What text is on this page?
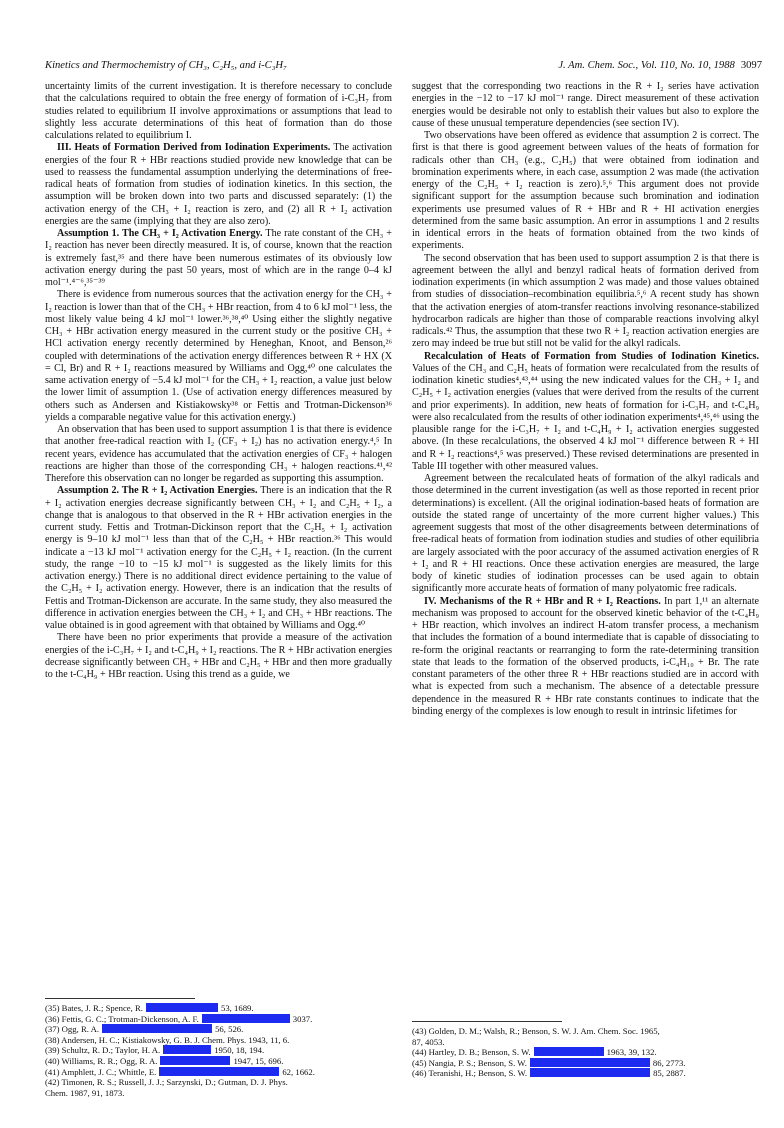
Kinetics and Thermochemistry of CH₃, C₂H₅, and i-C₃H₇	J. Am. Chem. Soc., Vol. 110, No. 10, 1988 3097

uncertainty limits of the current investigation. It is therefore necessary to conclude that the calculations required to obtain the free energy of formation of i-C₃H₇ from studies related to equilibrium II involve approximations or assumptions that lead to slightly less accurate determinations of this heat of formation than do those calculations related to equilibrium I.

III. Heats of Formation Derived from Iodination Experiments. The activation energies of the four R + HBr reactions studied provide new knowledge that can be used to reassess the fundamental assumption underlying the determinations of free-radical heats of formation from studies of iodination kinetics. In this section, the assumption will be broken down into two parts and discussed separately: (1) the activation energy of the CH₃ + I₂ reaction is zero, and (2) all R + I₂ activation energies are the same (implying that they are also zero).

Assumption 1. The CH₃ + I₂ Activation Energy. The rate constant of the CH₃ + I₂ reaction has never been directly measured. It is, of course, known that the reaction is extremely fast,³⁵ and there have been numerous estimates of its obviously low activation energy during the past 50 years, most of which are in the range 0–4 kJ mol⁻¹.⁴⁻⁶,³⁵⁻³⁹

There is evidence from numerous sources that the activation energy for the CH₃ + I₂ reaction is lower than that of the CH₃ + HBr reaction, from 4 to 6 kJ mol⁻¹ less, the most likely value being 4 kJ mol⁻¹ lower.³⁶,³⁸,⁴⁰ Using either the slightly negative CH₃ + HBr activation energy measured in the current study or the positive CH₃ + HCl activation energy recently determined by Heneghan, Knoot, and Benson,²⁶ coupled with determinations of the activation energy differences between R + HX (X = Cl, Br) and R + I₂ reactions measured by Williams and Ogg,⁴⁰ one calculates the same activation energy of −5.4 kJ mol⁻¹ for the CH₃ + I₂ reaction, a value just below the lower limit of assumption 1. (Use of activation energy differences measured by others such as Andersen and Kistiakowsky³⁸ or Fettis and Trotman-Dickenson³⁶ yields a comparable negative value for this activation energy.)

An observation that has been used to support assumption 1 is that there is evidence that another free-radical reaction with I₂ (CF₃ + I₂) has no activation energy.⁴,⁵ In recent years, evidence has accumulated that the activation energies of CF₃ + halogen reactions are higher than those of the corresponding CH₃ + halogen reactions.⁴¹,⁴² Therefore this observation can no longer be regarded as supporting this assumption.

Assumption 2. The R + I₂ Activation Energies. There is an indication that the R + I₂ activation energies decrease significantly between CH₃ + I₂ and C₂H₅ + I₂, a change that is analogous to that observed in the R + HBr activation energies in the current study. Fettis and Trotman-Dickinson report that the C₂H₅ + I₂ activation energy is 9–10 kJ mol⁻¹ less than that of the C₂H₅ + HBr reaction.³⁶ This would indicate a −13 kJ mol⁻¹ activation energy for the C₂H₅ + I₂ reaction. (In the current study, the range −10 to −15 kJ mol⁻¹ is suggested as the likely limits for this activation energy.) There is no additional direct evidence pertaining to the value of the C₂H₅ + I₂ activation energy. However, there is an indication that the results of Fettis and Trotman-Dickenson are accurate. In the same study, they also measured the difference in activation energies between the CH₃ + I₂ and CH₃ + HBr reactions. The value obtained is in good agreement with that obtained by Williams and Ogg.⁴⁰

There have been no prior experiments that provide a measure of the activation energies of the i-C₃H₇ + I₂ and t-C₄H₉ + I₂ reactions. The R + HBr activation energies decrease significantly between CH₃ + HBr and C₂H₅ + HBr and then more gradually to the t-C₄H₉ + HBr reaction. Using this trend as a guide, we

suggest that the corresponding two reactions in the R + I₂ series have activation energies in the −12 to −17 kJ mol⁻¹ range. Direct measurement of these activation energies would be desirable not only to establish their values but also to explore the cause of these unusual temperature dependencies (see section IV).

Two observations have been offered as evidence that assumption 2 is correct. The first is that there is good agreement between values of the heats of formation for radicals other than CH₃ (e.g., C₂H₅) that were obtained from iodination and bromination experiments where, in each case, assumption 2 was made (the activation energy of the C₂H₅ + I₂ reaction is zero).⁵,⁶ This argument does not provide significant support for the assumption because such bromination and iodination experiments use presumed values of R + HBr and R + HI activation energies determined from the same basic assumption. An error in assumptions 1 and 2 results in identical errors in the heats of formation obtained from the two kinds of experiments.

The second observation that has been used to support assumption 2 is that there is agreement between the allyl and benzyl radical heats of formation derived from iodination experiments (in which assumption 2 was made) and those values obtained from studies of dissociation–recombination equilibria.⁵,⁶ A recent study has shown that the activation energies of atom-transfer reactions involving resonance-stabilized hydrocarbon radicals are higher than those of comparable reactions involving alkyl radicals.⁴² Thus, the assumption that these two R + I₂ reaction activation energies are zero may indeed be true but still not be valid for the alkyl radicals.

Recalculation of Heats of Formation from Studies of Iodination Kinetics. Values of the CH₃ and C₂H₅ heats of formation were recalculated from the results of iodination kinetic studies⁴,⁴³,⁴⁴ using the new indicated values for the CH₃ + I₂ and C₂H₅ + I₂ activation energies (values that were derived from the results of the current and prior experiments). In addition, new heats of formation for i-C₃H₇ and t-C₄H₉ were also recalculated from the results of other iodination experiments⁴,⁴⁵,⁴⁶ using the plausible range for the i-C₃H₇ + I₂ and t-C₄H₉ + I₂ activation energies suggested above. (In these recalculations, the observed 4 kJ mol⁻¹ difference between R + HI and R + I₂ reactions⁴,⁵ was preserved.) These revised determinations are presented in Table III together with other measured values.

Agreement between the recalculated heats of formation of the alkyl radicals and those determined in the current investigation (as well as those reported in recent prior determinations) is excellent. (All the original iodination-based heats of formation are outside the stated range of uncertainty of the more current higher values.) This agreement suggests that most of the other disagreements between determinations of free-radical heats of formation from iodination studies and studies of other equilibria are largely associated with the poor accuracy of the assumed activation energies of R + I₂ and R + HI reactions. Once these activation energies are measured, the large body of kinetic studies of iodination processes can be used again to obtain significantly more accurate heats of formation of many polyatomic free radicals.

IV. Mechanisms of the R + HBr and R + I₂ Reactions. In part 1,¹¹ an alternate mechanism was proposed to account for the observed kinetic behavior of the t-C₄H₉ + HBr reaction, which involves an indirect H-atom transfer process, a mechanism that includes the formation of a bound intermediate that is capable of dissociating to re-form the original reactants or rearranging to form the rate-determining transition state that leads to the formation of the observed products, i-C₄H₁₀ + Br. The rate constant parameters of the other three R + HBr reactions studied are in accord with what is expected from such a mechanism. The absence of a detectable pressure dependence in the measured R + HBr rate constants continues to indicate that the binding energy of the complexes is low enough to result in intrinsic lifetimes for

(35) Bates, J. R.; Spence, R.	53, 1689.
(36) Fettis, G. C.; Trotman-Dickenson, A. F.	3037.
(37) Ogg, R. A.	56, 526.
(38) Andersen, H. C.; Kistiakowsky, G. B. J. Chem. Phys. 1943, 11, 6.
(39) Schultz, R. D.; Taylor, H. A.	1950, 18, 194.
(40) Williams, R. R.; Ogg, R. A.	1947, 15, 696.
(41) Amphlett, J. C.; Whittle, E.	62, 1662.
(42) Timonen, R. S.; Russell, J. J.; Sarzynski, D.; Gutman, D. J. Phys.
Chem. 1987, 91, 1873.
(43) Golden, D. M.; Walsh, R.; Benson, S. W. J. Am. Chem. Soc. 1965,
87, 4053.
(44) Hartley, D. B.; Benson, S. W.	1963, 39, 132.
(45) Nangia, P. S.; Benson, S. W.	86, 2773.
(46) Teranishi, H.; Benson, S. W.	85, 2887.
